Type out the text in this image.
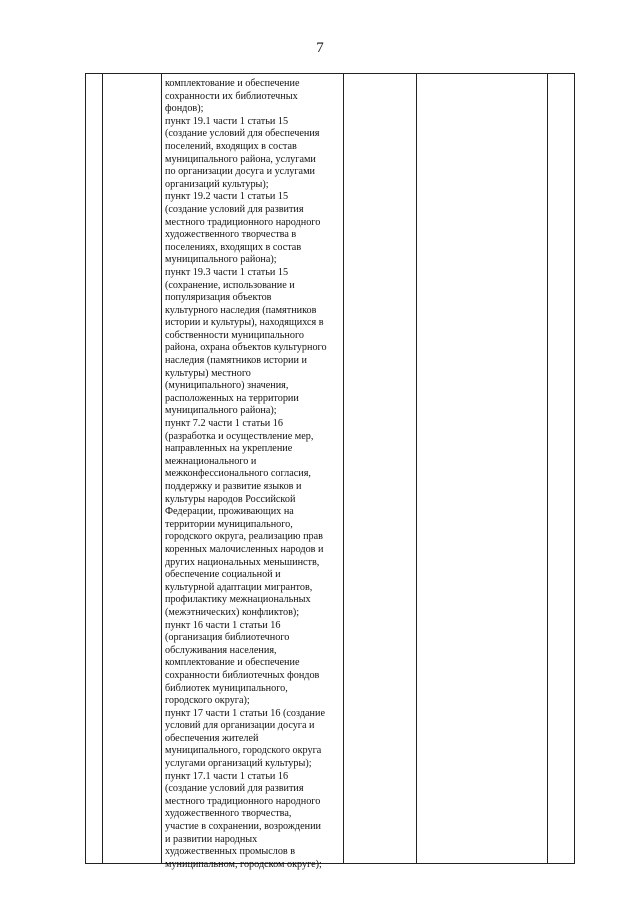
7
комплектование и обеспечение
сохранности их библиотечных
фондов);
пункт 19.1 части 1 статьи 15
(создание условий для обеспечения
поселений, входящих в состав
муниципального района, услугами
по организации досуга и услугами
организаций культуры);
пункт 19.2 части 1 статьи 15
(создание условий для развития
местного традиционного народного
художественного творчества в
поселениях, входящих в состав
муниципального района);
пункт 19.3 части 1 статьи 15
(сохранение, использование и
популяризация объектов
культурного наследия (памятников
истории и культуры), находящихся в
собственности муниципального
района, охрана объектов культурного
наследия (памятников истории и
культуры) местного
(муниципального) значения,
расположенных на территории
муниципального района);
пункт 7.2 части 1 статьи 16
(разработка и осуществление мер,
направленных на укрепление
межнационального и
межконфессионального согласия,
поддержку и развитие языков и
культуры народов Российской
Федерации, проживающих на
территории муниципального,
городского округа, реализацию прав
коренных малочисленных народов и
других национальных меньшинств,
обеспечение социальной и
культурной адаптации мигрантов,
профилактику межнациональных
(межэтнических) конфликтов);
пункт 16 части 1 статьи 16
(организация библиотечного
обслуживания населения,
комплектование и обеспечение
сохранности библиотечных фондов
библиотек муниципального,
городского округа);
пункт 17 части 1 статьи 16 (создание
условий для организации досуга и
обеспечения жителей
муниципального, городского округа
услугами организаций культуры);
пункт 17.1 части 1 статьи 16
(создание условий для развития
местного традиционного народного
художественного творчества,
участие в сохранении, возрождении
и развитии народных
художественных промыслов в
муниципальном, городском округе);
